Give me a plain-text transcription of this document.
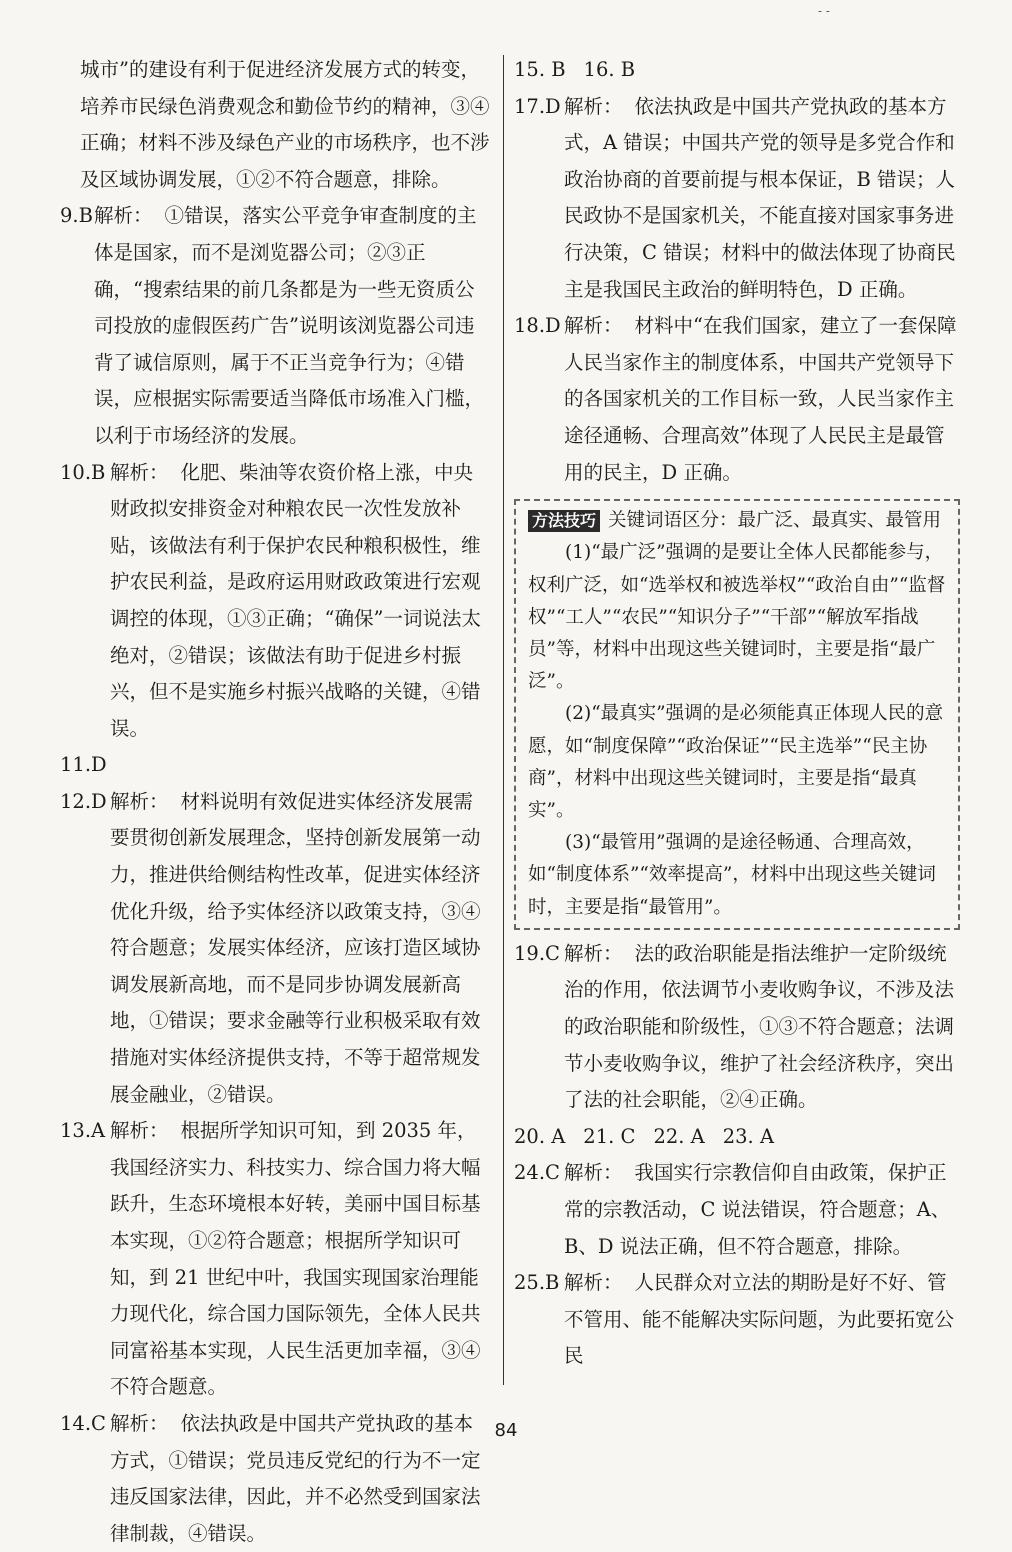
- -
城市”的建设有利于促进经济发展方式的转变，培养市民绿色消费观念和勤俭节约的精神，③④正确；材料不涉及绿色产业的市场秩序，也不涉及区域协调发展，①②不符合题意，排除。
9.B 解析： ①错误，落实公平竞争审查制度的主体是国家，而不是浏览器公司；②③正确，“搜索结果的前几条都是为一些无资质公司投放的虚假医药广告”说明该浏览器公司违背了诚信原则，属于不正当竞争行为；④错误，应根据实际需要适当降低市场准入门槛，以利于市场经济的发展。
10.B 解析： 化肥、柴油等农资价格上涨，中央财政拟安排资金对种粮农民一次性发放补贴，该做法有利于保护农民种粮积极性，维护农民利益，是政府运用财政政策进行宏观调控的体现，①③正确；“确保”一词说法太绝对，②错误；该做法有助于促进乡村振兴，但不是实施乡村振兴战略的关键，④错误。
11.D
12.D 解析： 材料说明有效促进实体经济发展需要贯彻创新发展理念，坚持创新发展第一动力，推进供给侧结构性改革，促进实体经济优化升级，给予实体经济以政策支持，③④符合题意；发展实体经济，应该打造区域协调发展新高地，而不是同步协调发展新高地，①错误；要求金融等行业积极采取有效措施对实体经济提供支持，不等于超常规发展金融业，②错误。
13.A 解析： 根据所学知识可知，到 2035 年，我国经济实力、科技实力、综合国力将大幅跃升，生态环境根本好转，美丽中国目标基本实现，①②符合题意；根据所学知识可知，到 21 世纪中叶，我国实现国家治理能力现代化，综合国力国际领先，全体人民共同富裕基本实现，人民生活更加幸福，③④不符合题意。
14.C 解析： 依法执政是中国共产党执政的基本方式，①错误；党员违反党纪的行为不一定违反国家法律，因此，并不必然受到国家法律制裁，④错误。
15. B 16. B
17.D 解析： 依法执政是中国共产党执政的基本方式，A 错误；中国共产党的领导是多党合作和政治协商的首要前提与根本保证，B 错误；人民政协不是国家机关，不能直接对国家事务进行决策，C 错误；材料中的做法体现了协商民主是我国民主政治的鲜明特色，D 正确。
18.D 解析： 材料中“在我们国家，建立了一套保障人民当家作主的制度体系，中国共产党领导下的各国家机关的工作目标一致，人民当家作主途径通畅、合理高效”体现了人民民主是最管用的民主，D 正确。
方法技巧 关键词语区分：最广泛、最真实、最管用

(1)“最广泛”强调的是要让全体人民都能参与，权利广泛，如“选举权和被选举权”“政治自由”“监督权”“工人”“农民”“知识分子”“干部”“解放军指战员”等，材料中出现这些关键词时，主要是指“最广泛”。

(2)“最真实”强调的是必须能真正体现人民的意愿，如“制度保障”“政治保证”“民主选举”“民主协商”，材料中出现这些关键词时，主要是指“最真实”。

(3)“最管用”强调的是途径畅通、合理高效，如“制度体系”“效率提高”，材料中出现这些关键词时，主要是指“最管用”。

19.C 解析： 法的政治职能是指法维护一定阶级统治的作用，依法调节小麦收购争议，不涉及法的政治职能和阶级性，①③不符合题意；法调节小麦收购争议，维护了社会经济秩序，突出了法的社会职能，②④正确。
20. A 21. C 22. A 23. A
24.C 解析： 我国实行宗教信仰自由政策，保护正常的宗教活动，C 说法错误，符合题意；A、B、D 说法正确，但不符合题意，排除。
25.B 解析： 人民群众对立法的期盼是好不好、管不管用、能不能解决实际问题，为此要拓宽公民
84
